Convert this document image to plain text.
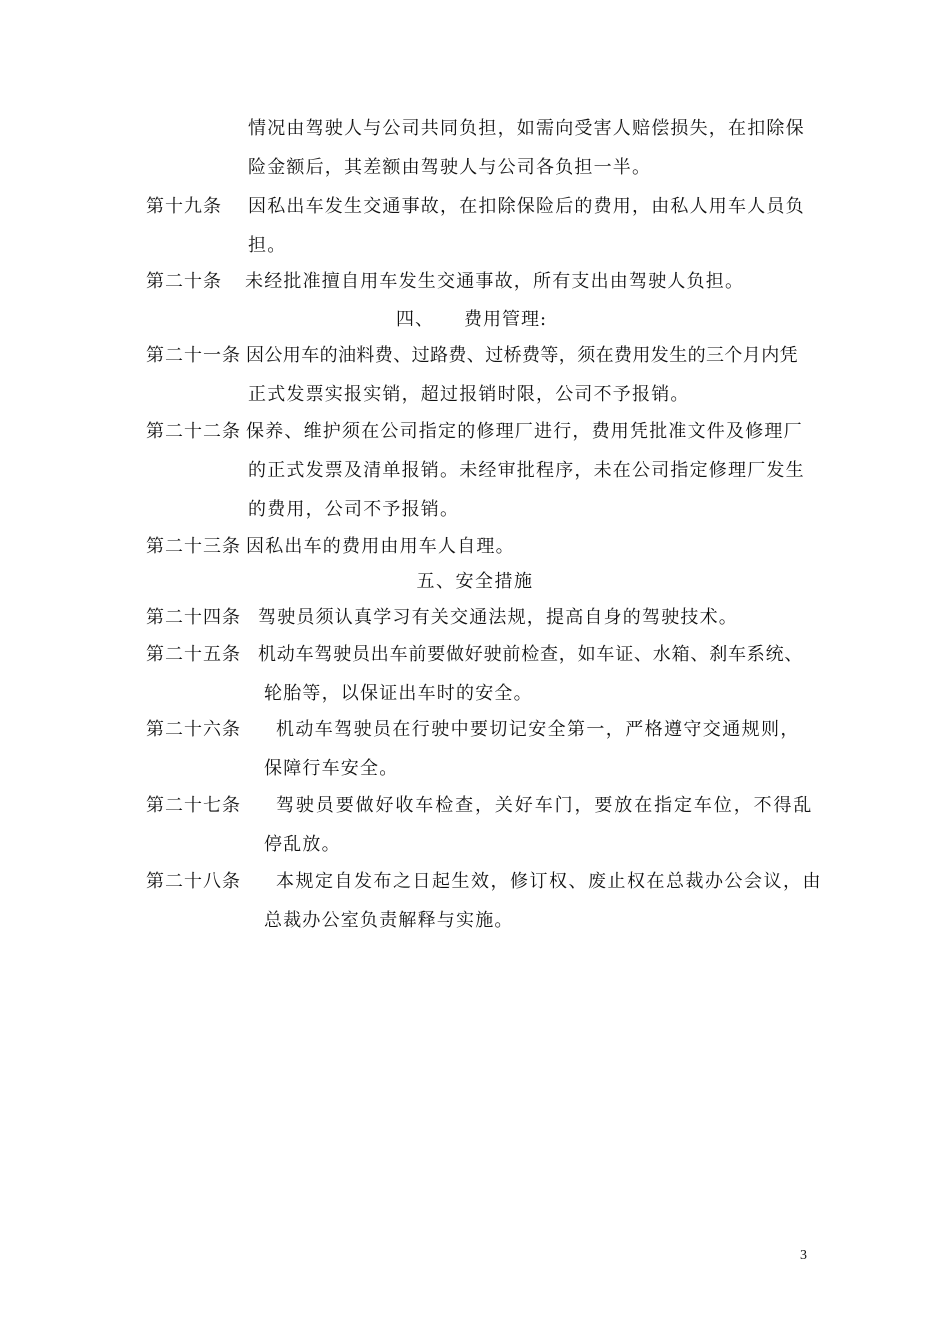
情况由驾驶人与公司共同负担，如需向受害人赔偿损失，在扣除保
险金额后，其差额由驾驶人与公司各负担一半。
第十九条 因私出车发生交通事故，在扣除保险后的费用，由私人用车人员负
担。
第二十条 未经批准擅自用车发生交通事故，所有支出由驾驶人负担。
四、 费用管理:
第二十一条 因公用车的油料费、过路费、过桥费等，须在费用发生的三个月内凭
正式发票实报实销，超过报销时限，公司不予报销。
第二十二条 保养、维护须在公司指定的修理厂进行，费用凭批准文件及修理厂
的正式发票及清单报销。未经审批程序，未在公司指定修理厂发生
的费用，公司不予报销。
第二十三条 因私出车的费用由用车人自理。
五、安全措施
第二十四条 驾驶员须认真学习有关交通法规，提高自身的驾驶技术。
第二十五条 机动车驾驶员出车前要做好驶前检查，如车证、水箱、刹车系统、
轮胎等，以保证出车时的安全。
第二十六条 机动车驾驶员在行驶中要切记安全第一，严格遵守交通规则，
保障行车安全。
第二十七条 驾驶员要做好收车检查，关好车门，要放在指定车位，不得乱
停乱放。
第二十八条 本规定自发布之日起生效，修订权、废止权在总裁办公会议，由
总裁办公室负责解释与实施。
3
